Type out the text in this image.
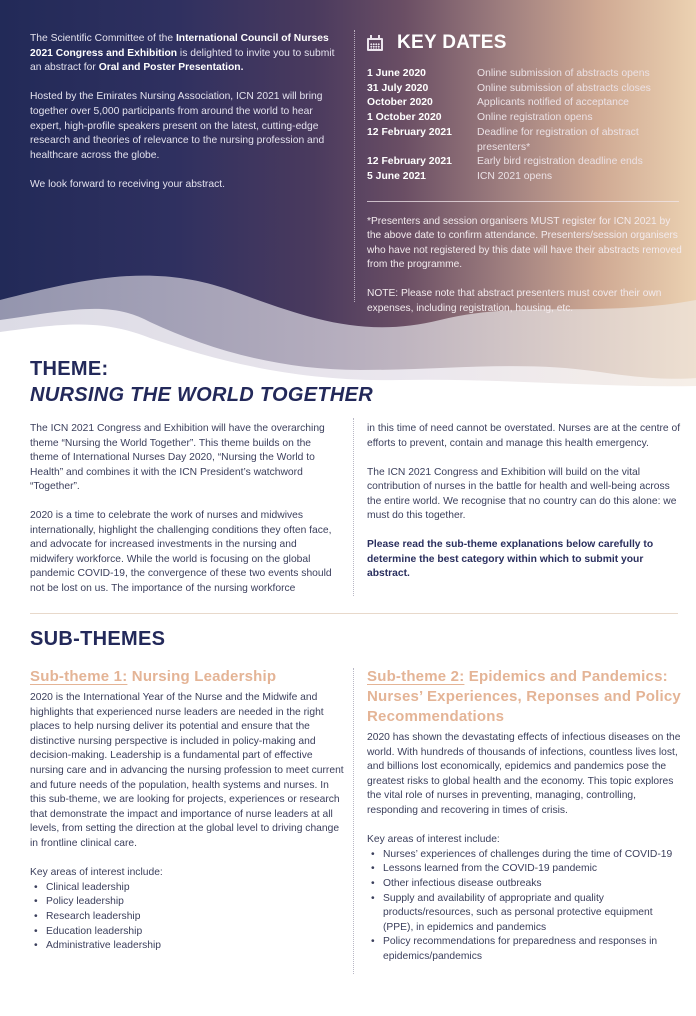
The Scientific Committee of the International Council of Nurses 2021 Congress and Exhibition is delighted to invite you to submit an abstract for Oral and Poster Presentation.

Hosted by the Emirates Nursing Association, ICN 2021 will bring together over 5,000 participants from around the world to hear expert, high-profile speakers present on the latest, cutting-edge research and theories of relevance to the nursing profession and healthcare across the globe.

We look forward to receiving your abstract.

KEY DATES
1 June 2020	Online submission of abstracts opens
31 July 2020	Online submission of abstracts closes
October 2020	Applicants notified of acceptance
1 October 2020	Online registration opens
12 February 2021	Deadline for registration of abstract presenters*
12 February 2021	Early bird registration deadline ends
5 June 2021	ICN 2021 opens

*Presenters and session organisers MUST register for ICN 2021 by the above date to confirm attendance. Presenters/session organisers who have not registered by this date will have their abstracts removed from the programme.

NOTE: Please note that abstract presenters must cover their own expenses, including registration, housing, etc.

THEME:
NURSING THE WORLD TOGETHER

The ICN 2021 Congress and Exhibition will have the overarching theme “Nursing the World Together”. This theme builds on the theme of International Nurses Day 2020, “Nursing the World to Health” and combines it with the ICN President’s watchword “Together”.

2020 is a time to celebrate the work of nurses and midwives internationally, highlight the challenging conditions they often face, and advocate for increased investments in the nursing and midwifery workforce. While the world is focusing on the global pandemic COVID-19, the convergence of these two events should not be lost on us. The importance of the nursing workforce

in this time of need cannot be overstated. Nurses are at the centre of efforts to prevent, contain and manage this health emergency.

The ICN 2021 Congress and Exhibition will build on the vital contribution of nurses in the battle for health and well-being across the entire world. We recognise that no country can do this alone: we must do this together.

Please read the sub-theme explanations below carefully to determine the best category within which to submit your abstract.

SUB-THEMES
Sub-theme 1: Nursing Leadership

2020 is the International Year of the Nurse and the Midwife and highlights that experienced nurse leaders are needed in the right places to help nursing deliver its potential and ensure that the distinctive nursing perspective is included in policy-making and decision-making. Leadership is a fundamental part of effective nursing care and in advancing the nursing profession to meet current and future needs of the population, health systems and nurses. In this sub-theme, we are looking for projects, experiences or research that demonstrate the impact and importance of nurse leaders at all levels, from setting the direction at the global level to driving change in frontline clinical care.

Key areas of interest include:
• Clinical leadership
• Policy leadership
• Research leadership
• Education leadership
• Administrative leadership
Sub-theme 2: Epidemics and Pandemics: Nurses’ Experiences, Reponses and Policy Recommendations

2020 has shown the devastating effects of infectious diseases on the world. With hundreds of thousands of infections, countless lives lost, and billions lost economically, epidemics and pandemics pose the greatest risks to global health and the economy. This topic explores the vital role of nurses in preventing, managing, controlling, responding and recovering in times of crisis.

Key areas of interest include:
• Nurses’ experiences of challenges during the time of COVID-19
• Lessons learned from the COVID-19 pandemic
• Other infectious disease outbreaks
• Supply and availability of appropriate and quality products/resources, such as personal protective equipment (PPE), in epidemics and pandemics
• Policy recommendations for preparedness and responses in epidemics/pandemics
